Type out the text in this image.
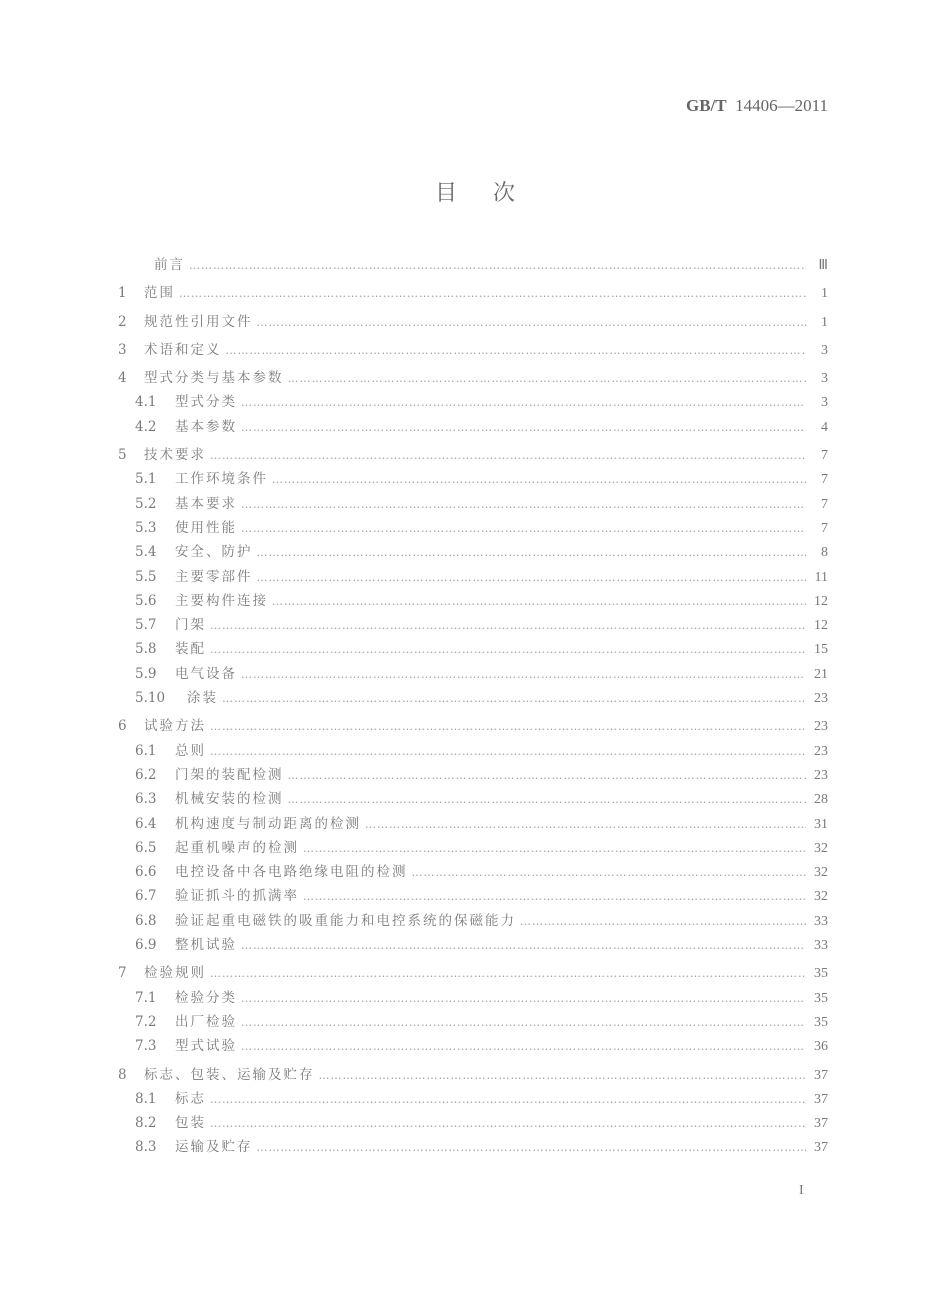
GB/T 14406—2011
目次
前言 …………………………………………………………………………………………………………………………………………………………………………	Ⅲ
1	范围 …………………………………………………………………………………………………………………………………………………………………………	1
2	规范性引用文件 …………………………………………………………………………………………………………………………………………………………………………	1
3	术语和定义 …………………………………………………………………………………………………………………………………………………………………………	3
4	型式分类与基本参数 …………………………………………………………………………………………………………………………………………………………………………	3
4.1	型式分类 …………………………………………………………………………………………………………………………………………………………………………	3
4.2	基本参数 …………………………………………………………………………………………………………………………………………………………………………	4
5	技术要求 …………………………………………………………………………………………………………………………………………………………………………	7
5.1	工作环境条件 …………………………………………………………………………………………………………………………………………………………………………	7
5.2	基本要求 …………………………………………………………………………………………………………………………………………………………………………	7
5.3	使用性能 …………………………………………………………………………………………………………………………………………………………………………	7
5.4	安全、防护 …………………………………………………………………………………………………………………………………………………………………………	8
5.5	主要零部件 …………………………………………………………………………………………………………………………………………………………………………	11
5.6	主要构件连接 …………………………………………………………………………………………………………………………………………………………………………	12
5.7	门架 …………………………………………………………………………………………………………………………………………………………………………	12
5.8	装配 …………………………………………………………………………………………………………………………………………………………………………	15
5.9	电气设备 …………………………………………………………………………………………………………………………………………………………………………	21
5.10	涂装 …………………………………………………………………………………………………………………………………………………………………………	23
6	试验方法 …………………………………………………………………………………………………………………………………………………………………………	23
6.1	总则 …………………………………………………………………………………………………………………………………………………………………………	23
6.2	门架的装配检测 …………………………………………………………………………………………………………………………………………………………………………	23
6.3	机械安装的检测 …………………………………………………………………………………………………………………………………………………………………………	28
6.4	机构速度与制动距离的检测 …………………………………………………………………………………………………………………………………………………………………………	31
6.5	起重机噪声的检测 …………………………………………………………………………………………………………………………………………………………………………	32
6.6	电控设备中各电路绝缘电阻的检测 …………………………………………………………………………………………………………………………………………………………………………	32
6.7	验证抓斗的抓满率 …………………………………………………………………………………………………………………………………………………………………………	32
6.8	验证起重电磁铁的吸重能力和电控系统的保磁能力 …………………………………………………………………………………………………………………………………………………………………………	33
6.9	整机试验 …………………………………………………………………………………………………………………………………………………………………………	33
7	检验规则 …………………………………………………………………………………………………………………………………………………………………………	35
7.1	检验分类 …………………………………………………………………………………………………………………………………………………………………………	35
7.2	出厂检验 …………………………………………………………………………………………………………………………………………………………………………	35
7.3	型式试验 …………………………………………………………………………………………………………………………………………………………………………	36
8	标志、包装、运输及贮存 …………………………………………………………………………………………………………………………………………………………………………	37
8.1	标志 …………………………………………………………………………………………………………………………………………………………………………	37
8.2	包装 …………………………………………………………………………………………………………………………………………………………………………	37
8.3	运输及贮存 …………………………………………………………………………………………………………………………………………………………………………	37
I
